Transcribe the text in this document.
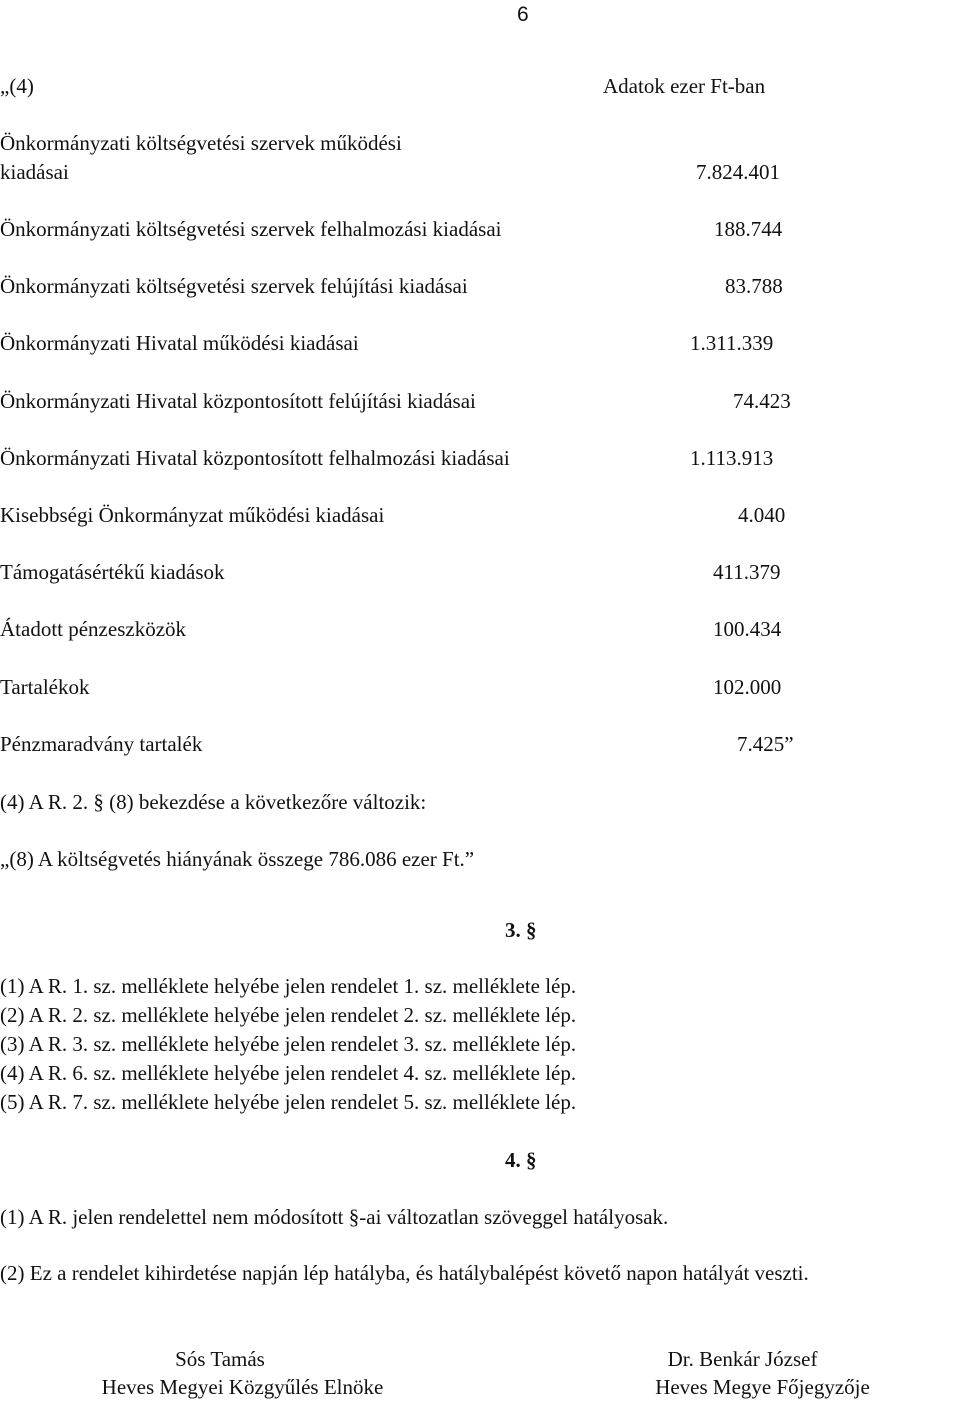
6
„(4)	Adatok ezer Ft-ban
Önkormányzati költségvetési szervek működési
kiadásai	7.824.401
Önkormányzati költségvetési szervek felhalmozási kiadásai	188.744
Önkormányzati költségvetési szervek felújítási kiadásai	83.788
Önkormányzati Hivatal működési kiadásai	1.311.339
Önkormányzati Hivatal központosított felújítási kiadásai	74.423
Önkormányzati Hivatal központosított felhalmozási kiadásai	1.113.913
Kisebbségi Önkormányzat működési kiadásai	4.040
Támogatásértékű kiadások	411.379
Átadott pénzeszközök	100.434
Tartalékok	102.000
Pénzmaradvány tartalék	7.425”
(4) A R. 2. § (8) bekezdése a következőre változik:
„(8) A költségvetés hiányának összege 786.086 ezer Ft.”
3. §
(1) A R. 1. sz. melléklete helyébe jelen rendelet 1. sz. melléklete lép.
(2) A R. 2. sz. melléklete helyébe jelen rendelet 2. sz. melléklete lép.
(3) A R. 3. sz. melléklete helyébe jelen rendelet 3. sz. melléklete lép.
(4) A R. 6. sz. melléklete helyébe jelen rendelet 4. sz. melléklete lép.
(5) A R. 7. sz. melléklete helyébe jelen rendelet 5. sz. melléklete lép.
4. §
(1) A R. jelen rendelettel nem módosított §-ai változatlan szöveggel hatályosak.
(2) Ez a rendelet kihirdetése napján lép hatályba, és hatálybalépést követő napon hatályát veszti.
Sós Tamás
Heves Megyei Közgyűlés Elnöke
Dr. Benkár József
Heves Megye Főjegyzője
